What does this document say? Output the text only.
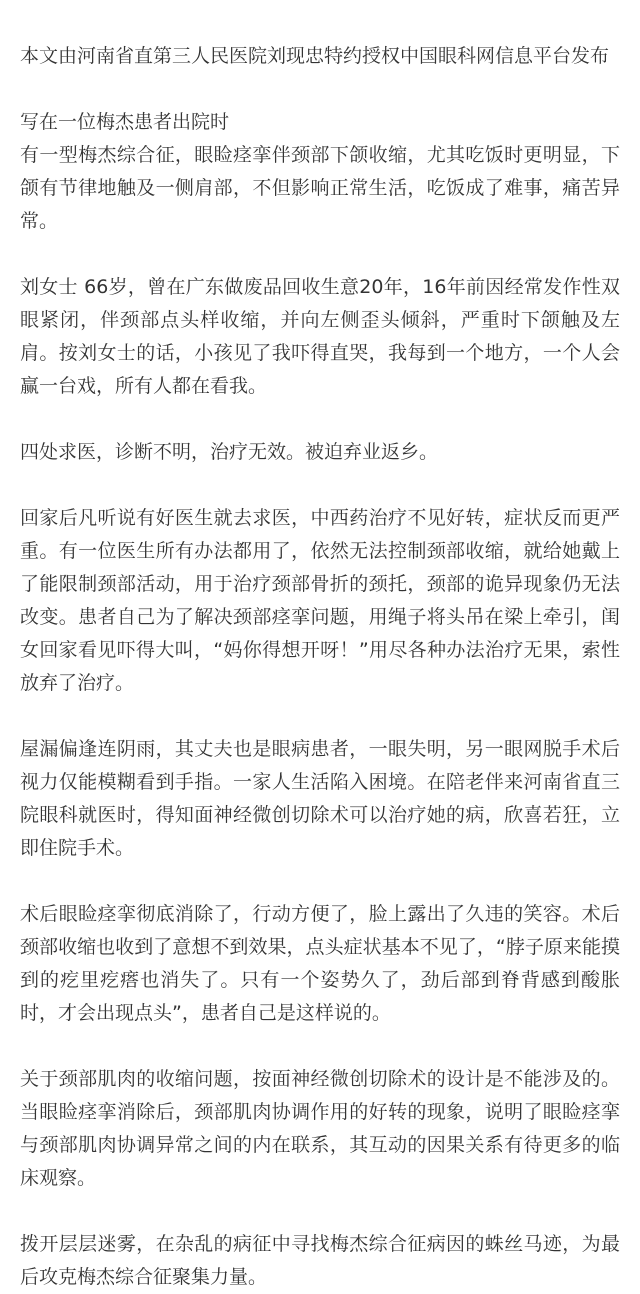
本文由河南省直第三人民医院刘现忠特约授权中国眼科网信息平台发布

写在一位梅杰患者出院时

有一型梅杰综合征，眼睑痉挛伴颈部下颌收缩，尤其吃饭时更明显，下颌有节律地触及一侧肩部，不但影响正常生活，吃饭成了难事，痛苦异常。

刘女士 66岁，曾在广东做废品回收生意20年，16年前因经常发作性双眼紧闭，伴颈部点头样收缩，并向左侧歪头倾斜，严重时下颌触及左肩。按刘女士的话，小孩见了我吓得直哭，我每到一个地方，一个人会赢一台戏，所有人都在看我。

四处求医，诊断不明，治疗无效。被迫弃业返乡。

回家后凡听说有好医生就去求医，中西药治疗不见好转，症状反而更严重。有一位医生所有办法都用了，依然无法控制颈部收缩，就给她戴上了能限制颈部活动，用于治疗颈部骨折的颈托，颈部的诡异现象仍无法改变。患者自己为了解决颈部痉挛问题，用绳子将头吊在梁上牵引，闺女回家看见吓得大叫，“妈你得想开呀！”用尽各种办法治疗无果，索性放弃了治疗。

屋漏偏逢连阴雨，其丈夫也是眼病患者，一眼失明，另一眼网脱手术后视力仅能模糊看到手指。一家人生活陷入困境。在陪老伴来河南省直三院眼科就医时，得知面神经微创切除术可以治疗她的病，欣喜若狂，立即住院手术。

术后眼睑痉挛彻底消除了，行动方便了，脸上露出了久违的笑容。术后颈部收缩也收到了意想不到效果，点头症状基本不见了，“脖子原来能摸到的疙里疙瘩也消失了。只有一个姿势久了，劲后部到脊背感到酸胀时，才会出现点头”，患者自己是这样说的。

关于颈部肌肉的收缩问题，按面神经微创切除术的设计是不能涉及的。当眼睑痉挛消除后，颈部肌肉协调作用的好转的现象，说明了眼睑痉挛与颈部肌肉协调异常之间的内在联系，其互动的因果关系有待更多的临床观察。

拨开层层迷雾，在杂乱的病征中寻找梅杰综合征病因的蛛丝马迹，为最后攻克梅杰综合征聚集力量。
